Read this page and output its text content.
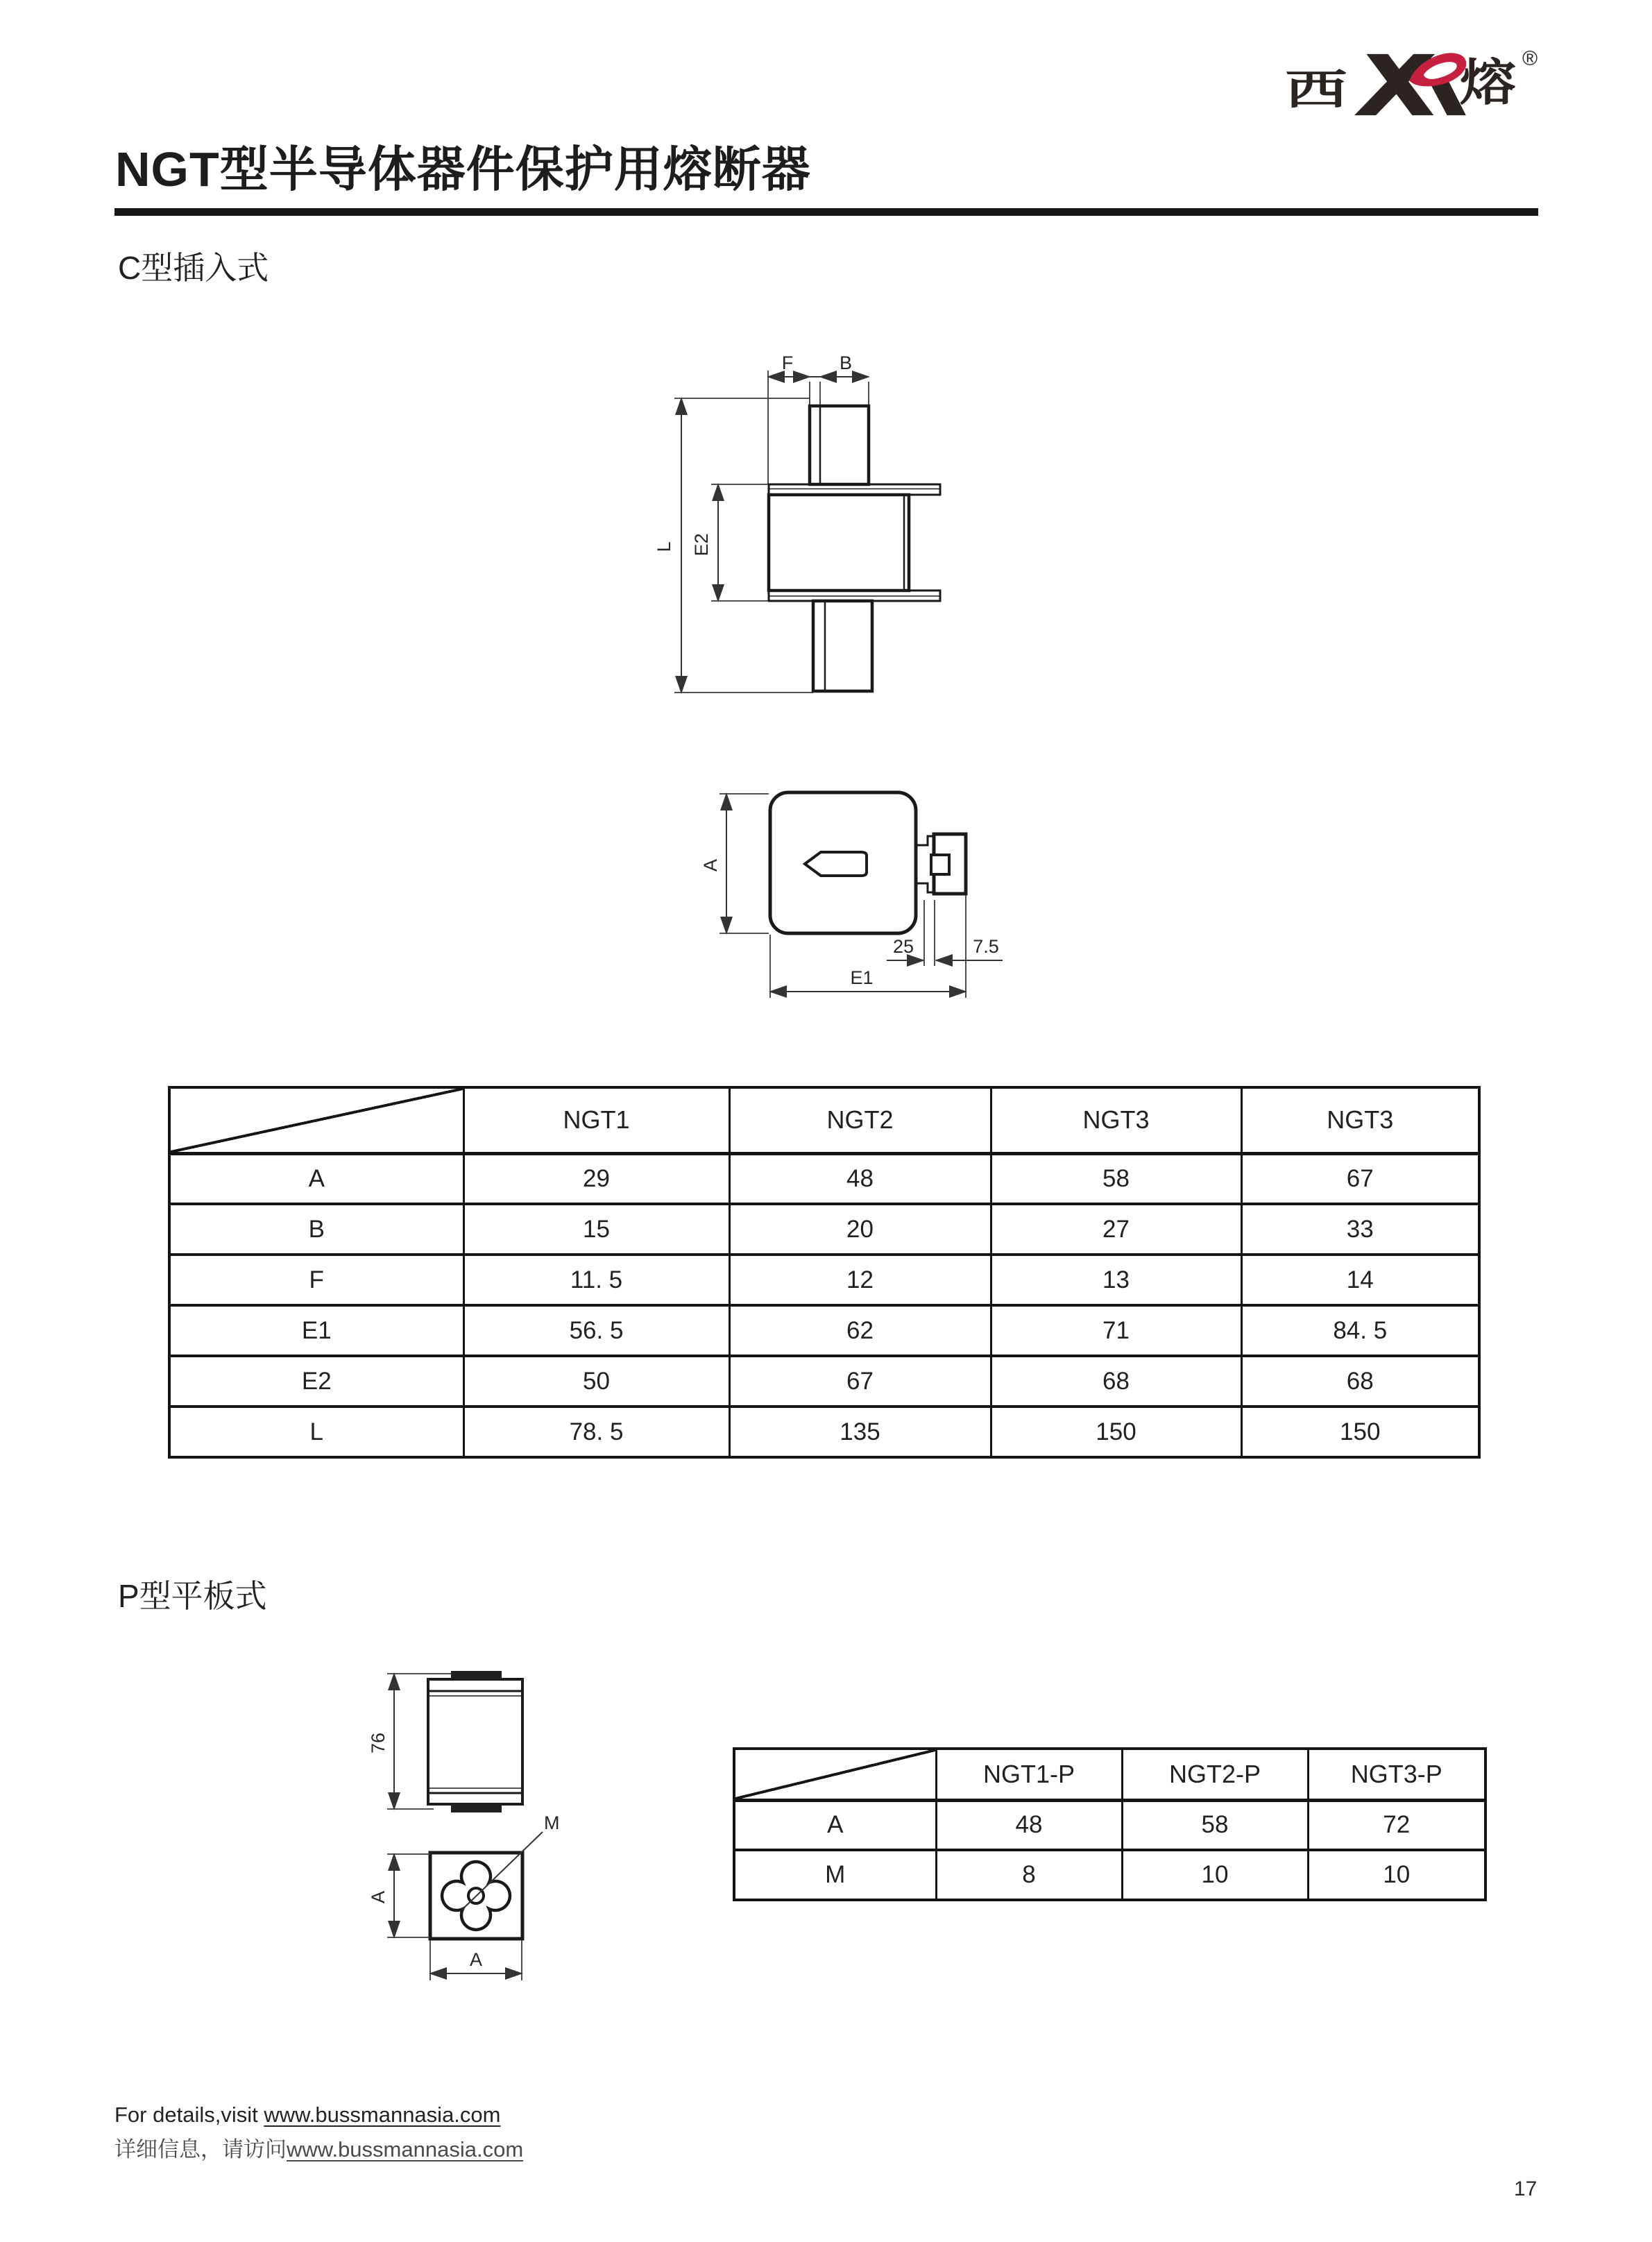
西 熔 ®
NGT型半导体器件保护用熔断器
C型插入式
F B
L E2
A
E1
25	7.5
	NGT1	NGT2	NGT3	NGT3
A	29	48	58	67
B	15	20	27	33
F	11. 5	12	13	14
E1	56. 5	62	71	84. 5
E2	50	67	68	68
L	78. 5	135	150	150
P型平板式
76
M
A
A
	NGT1-P	NGT2-P	NGT3-P
A	48	58	72
M	8	10	10
For details,visit www.bussmannasia.com
详细信息，请访问www.bussmannasia.com
17
